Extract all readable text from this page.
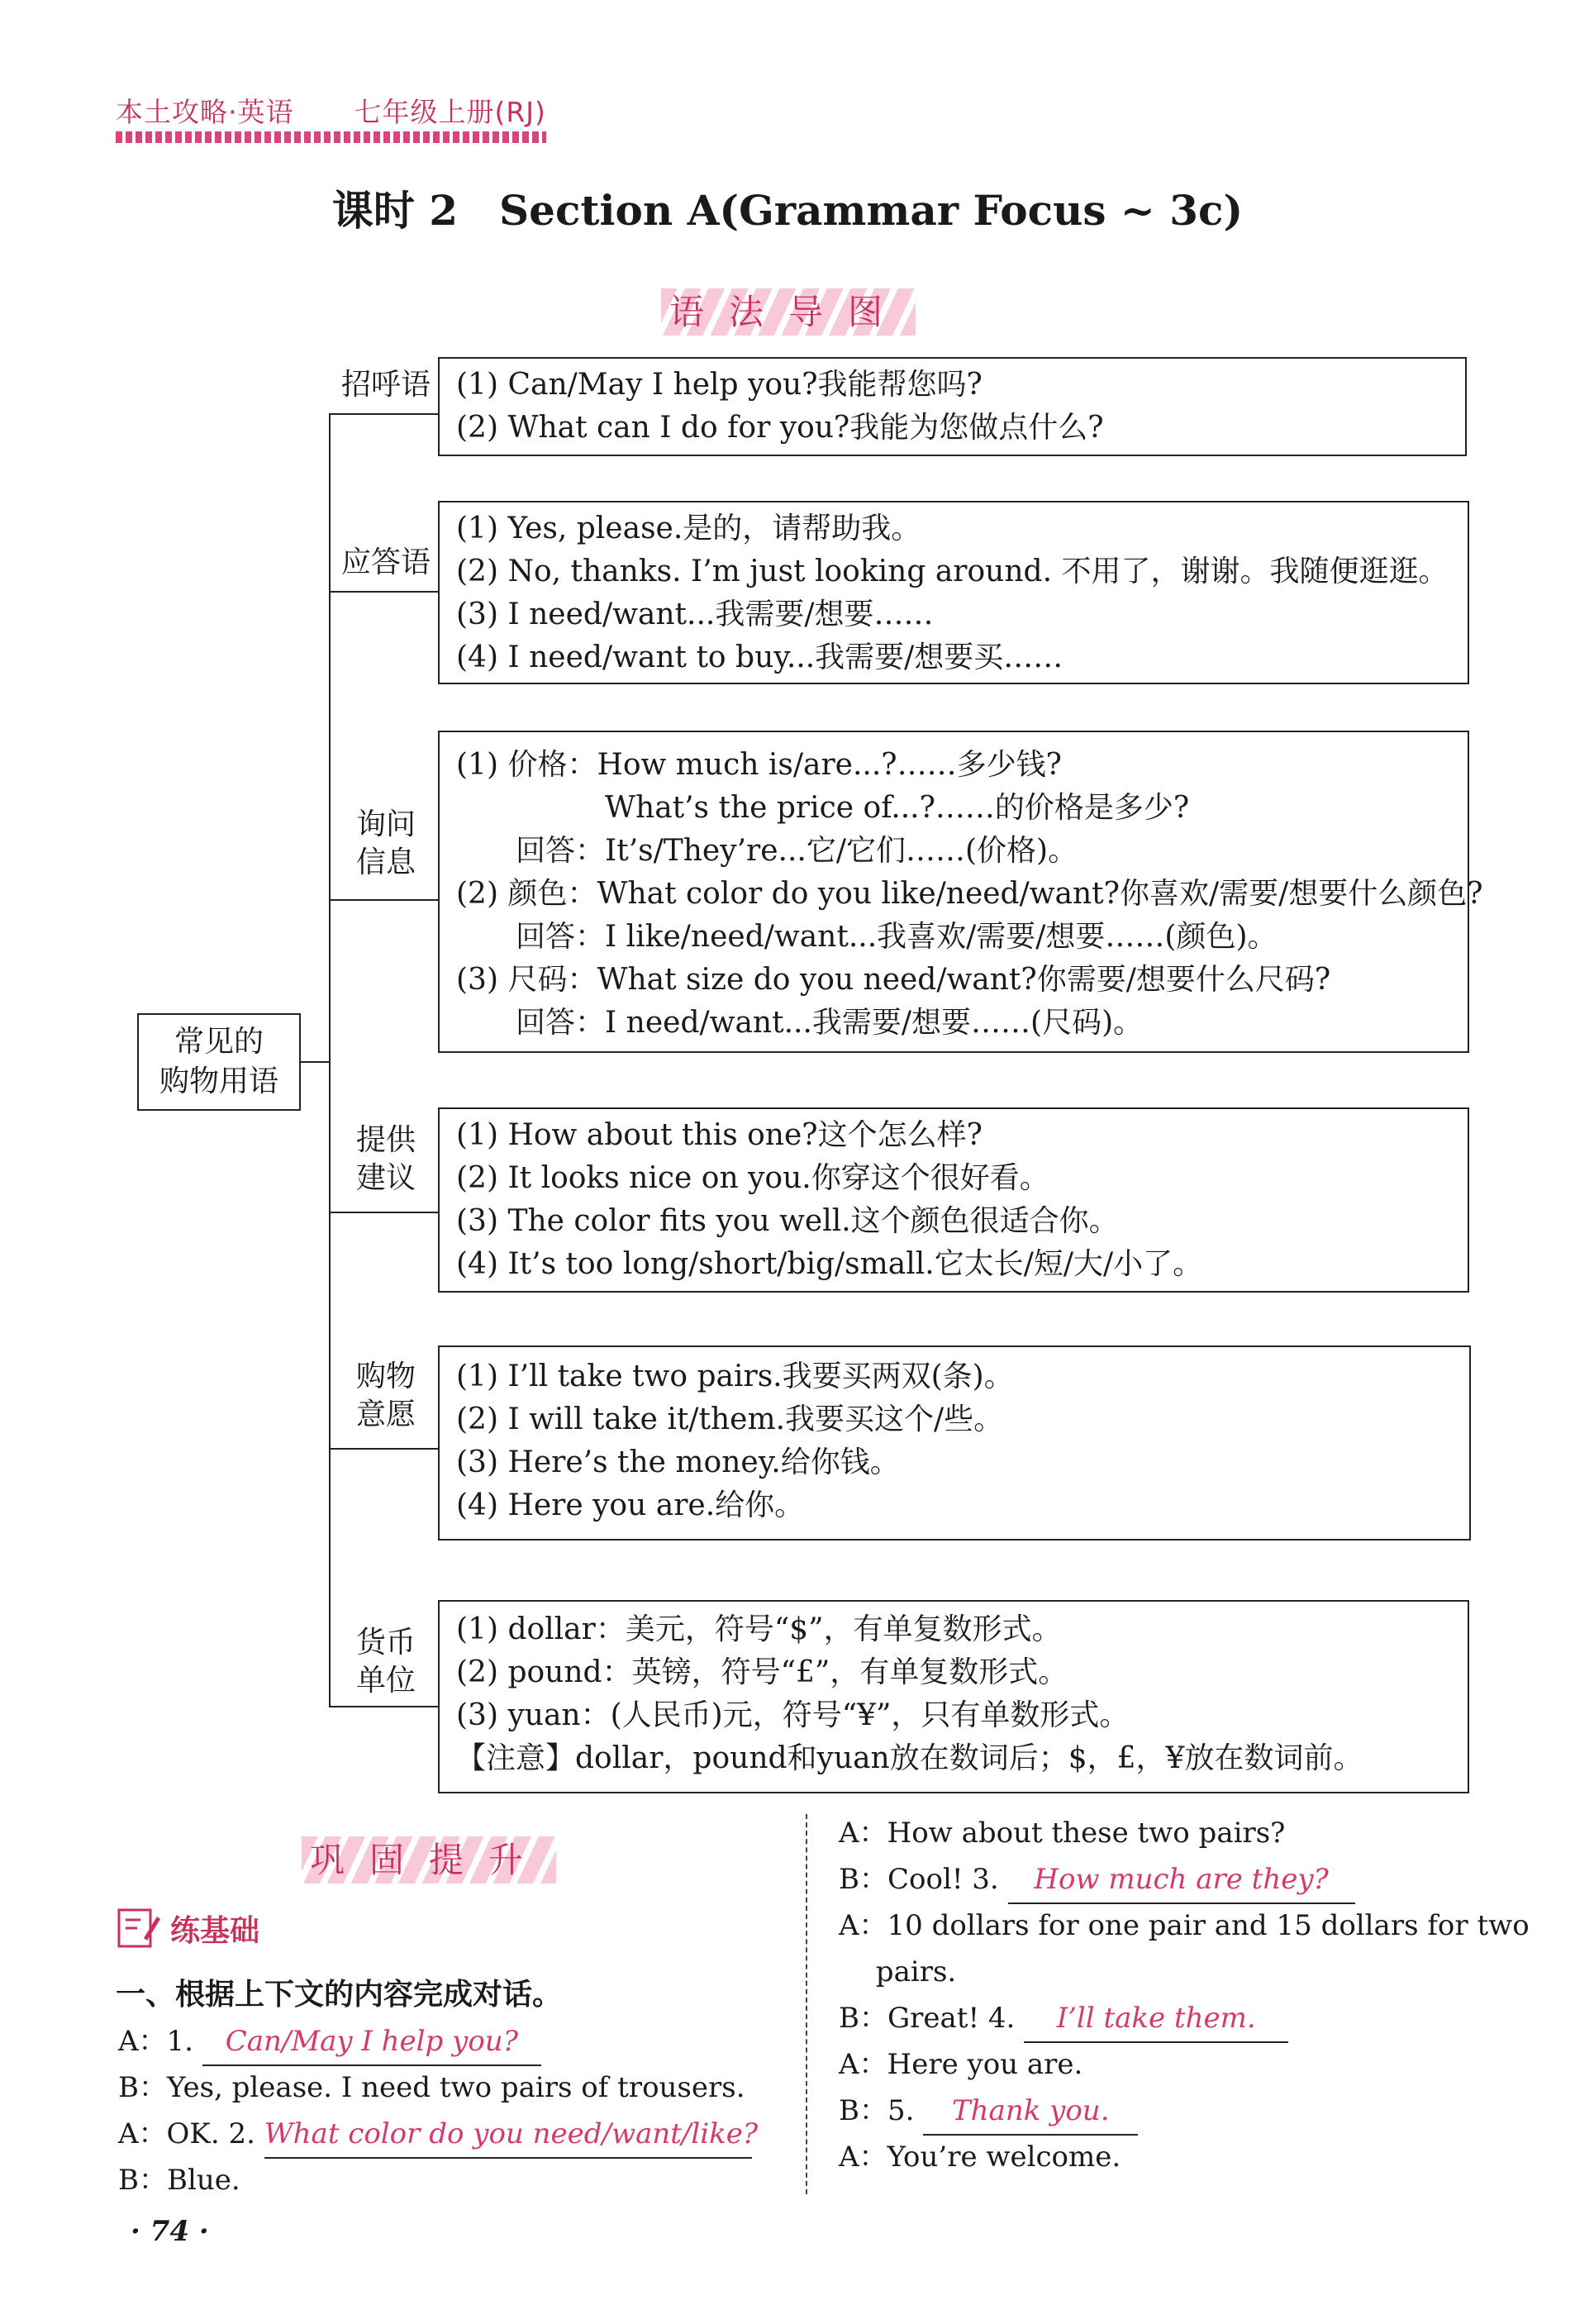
本土攻略·英语 七年级上册(RJ)
课时 2　Section A(Grammar Focus ~ 3c)
语法导图
常见的
购物用语
招呼语 (1) Can/May I help you?我能帮您吗?
(2) What can I do for you?我能为您做点什么?
应答语
(1) Yes, please.是的，请帮助我。
(2) No, thanks. I’m just looking around. 不用了，谢谢。我随便逛逛。
(3) I need/want...我需要/想要……
(4) I need/want to buy...我需要/想要买……
询问
信息
(1) 价格：How much is/are...?……多少钱?
　　　　　What’s the price of...?……的价格是多少?
　　回答：It’s/They’re...它/它们……(价格)。
(2) 颜色：What color do you like/need/want?你喜欢/需要/想要什么颜色?
　　回答：I like/need/want...我喜欢/需要/想要……(颜色)。
(3) 尺码：What size do you need/want?你需要/想要什么尺码?
　　回答：I need/want...我需要/想要……(尺码)。
提供
建议
(1) How about this one?这个怎么样?
(2) It looks nice on you.你穿这个很好看。
(3) The color fits you well.这个颜色很适合你。
(4) It’s too long/short/big/small.它太长/短/大/小了。
购物
意愿
(1) I’ll take two pairs.我要买两双(条)。
(2) I will take it/them.我要买这个/些。
(3) Here’s the money.给你钱。
(4) Here you are.给你。
货币
单位
(1) dollar：美元，符号“$”，有单复数形式。
(2) pound：英镑，符号“£”，有单复数形式。
(3) yuan：(人民币)元，符号“¥”，只有单数形式。
【注意】dollar，pound和yuan放在数词后；$，£，¥放在数词前。
巩固提升
练基础
一、根据上下文的内容完成对话。
A：1. Can/May I help you?
B：Yes, please. I need two pairs of trousers.
A：OK. 2. What color do you need/want/like?
B：Blue.
A：How about these two pairs?
B：Cool! 3. How much are they?
A：10 dollars for one pair and 15 dollars for two
　 pairs.
B：Great! 4. I’ll take them.
A：Here you are.
B：5. Thank you.
A：You’re welcome.
· 74 ·
